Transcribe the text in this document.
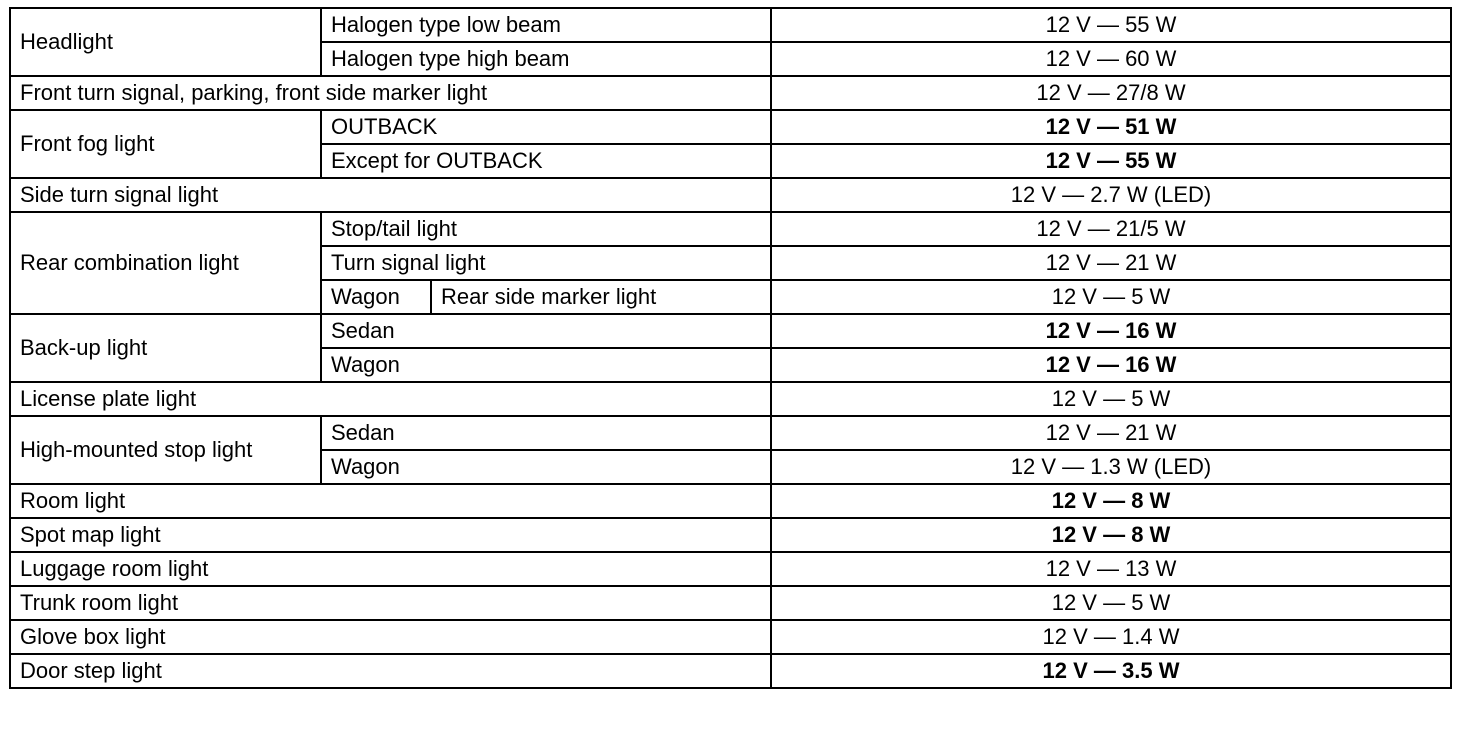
Headlight	Halogen type low beam		12 V — 55 W
	Halogen type high beam		12 V — 60 W
Front turn signal, parking, front side marker light			12 V — 27/8 W
Front fog light	OUTBACK		12 V — 51 W
	Except for OUTBACK		12 V — 55 W
Side turn signal light			12 V — 2.7 W (LED)
Rear combination light	Stop/tail light		12 V — 21/5 W
	Turn signal light		12 V — 21 W
	Wagon	Rear side marker light	12 V — 5 W
Back-up light	Sedan		12 V — 16 W
	Wagon		12 V — 16 W
License plate light			12 V — 5 W
High-mounted stop light	Sedan		12 V — 21 W
	Wagon		12 V — 1.3 W (LED)
Room light			12 V — 8 W
Spot map light			12 V — 8 W
Luggage room light			12 V — 13 W
Trunk room light			12 V — 5 W
Glove box light			12 V — 1.4 W
Door step light			12 V — 3.5 W
